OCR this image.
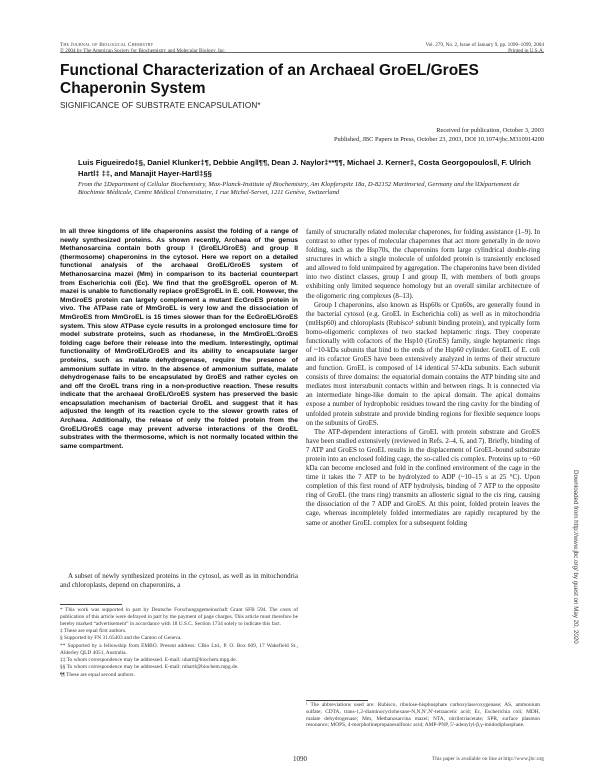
The Journal of Biological Chemistry
© 2004 by The American Society for Biochemistry and Molecular Biology, Inc.
Vol. 279, No. 2, Issue of January 9, pp. 1090–1099, 2004
Printed in U.S.A.
Functional Characterization of an Archaeal GroEL/GroES Chaperonin System
SIGNIFICANCE OF SUBSTRATE ENCAPSULATION*
Received for publication, October 3, 2003
Published, JBC Papers in Press, October 23, 2003, DOI 10.1074/jbc.M310914200
Luis Figueiredo‡§, Daniel Klunker‡¶, Debbie Ang‖¶¶, Dean J. Naylor‡**¶¶, Michael J. Kerner‡, Costa Georgopoulos‖, F. Ulrich Hartl‡ ‡‡, and Manajit Hayer-Hartl‡§§
From the ‡Department of Cellular Biochemistry, Max-Planck-Institute of Biochemistry, Am Klopferspitz 18a, D-82152 Martinsried, Germany and the ‖Département de Biochimie Médicale, Centre Médical Universitaire, 1 rue Michel-Servet, 1211 Genève, Switzerland
In all three kingdoms of life chaperonins assist the folding of a range of newly synthesized proteins. As shown recently, Archaea of the genus Methanosarcina contain both group I (GroEL/GroES) and group II (thermosome) chaperonins in the cytosol. Here we report on a detailed functional analysis of the archaeal GroEL/GroES system of Methanosarcina mazei (Mm) in comparison to its bacterial counterpart from Escherichia coli (Ec). We find that the groESgroEL operon of M. mazei is unable to functionally replace groESgroEL in E. coli. However, the MmGroES protein can largely complement a mutant EcGroES protein in vivo. The ATPase rate of MmGroEL is very low and the dissociation of MmGroES from MmGroEL is 15 times slower than for the EcGroEL/GroES system. This slow ATPase cycle results in a prolonged enclosure time for model substrate proteins, such as rhodanese, in the MmGroEL:GroES folding cage before their release into the medium. Interestingly, optimal functionality of MmGroEL/GroES and its ability to encapsulate larger proteins, such as malate dehydrogenase, require the presence of ammonium sulfate in vitro. In the absence of ammonium sulfate, malate dehydrogenase fails to be encapsulated by GroES and rather cycles on and off the GroEL trans ring in a non-productive reaction. These results indicate that the archaeal GroEL/GroES system has preserved the basic encapsulation mechanism of bacterial GroEL and suggest that it has adjusted the length of its reaction cycle to the slower growth rates of Archaea. Additionally, the release of only the folded protein from the GroEL/GroES cage may prevent adverse interactions of the GroEL substrates with the thermosome, which is not normally located within the same compartment.
A subset of newly synthesized proteins in the cytosol, as well as in mitochondria and chloroplasts, depend on chaperonins, a

* This work was supported in part by Deutsche Forschungsgemeinschaft Grant SFB 594. The costs of publication of this article were defrayed in part by the payment of page charges. This article must therefore be hereby marked “advertisement” in accordance with 18 U.S.C. Section 1734 solely to indicate this fact.

‡ These are equal first authors.

§ Supported by FN 31.65403 and the Canton of Geneva.

** Supported by a fellowship from EMBO. Present address: CBio Ltd., P. O. Box 609, 17 Wakefield St., Alderley QLD 4051, Australia.

‡‡ To whom correspondence may be addressed. E-mail: uhartl@biochem.mpg.de.

§§ To whom correspondence may be addressed. E-mail: mhartl@biochem.mpg.de.

¶¶ These are equal second authors.

family of structurally related molecular chaperones, for folding assistance (1–9). In contrast to other types of molecular chaperones that act more generally in de novo folding, such as the Hsp70s, the chaperonins form large cylindrical double-ring structures in which a single molecule of unfolded protein is transiently enclosed and allowed to fold unimpaired by aggregation. The chaperonins have been divided into two distinct classes, group I and group II, with members of both groups exhibiting only limited sequence homology but an overall similar architecture of the oligomeric ring complexes (8–13).

Group I chaperonins, also known as Hsp60s or Cpn60s, are generally found in the bacterial cytosol (e.g. GroEL in Escherichia coli) as well as in mitochondria (mtHsp60) and chloroplasts (Rubisco¹ subunit binding protein), and typically form homo-oligomeric complexes of two stacked heptameric rings. They cooperate functionally with cofactors of the Hsp10 (GroES) family, single heptameric rings of ~10-kDa subunits that bind to the ends of the Hsp60 cylinder. GroEL of E. coli and its cofactor GroES have been extensively analyzed in terms of their structure and function. GroEL is composed of 14 identical 57-kDa subunits. Each subunit consists of three domains: the equatorial domain contains the ATP binding site and mediates most intersubunit contacts within and between rings. It is connected via an intermediate hinge-like domain to the apical domain. The apical domains expose a number of hydrophobic residues toward the ring cavity for the binding of unfolded protein substrate and provide binding regions for flexible sequence loops on the subunits of GroES.

The ATP-dependent interactions of GroEL with protein substrate and GroES have been studied extensively (reviewed in Refs. 2–4, 6, and 7). Briefly, binding of 7 ATP and GroES to GroEL results in the displacement of GroEL-bound substrate protein into an enclosed folding cage, the so-called cis complex. Proteins up to ~60 kDa can become enclosed and fold in the confined environment of the cage in the time it takes the 7 ATP to be hydrolyzed to ADP (~10–15 s at 25 °C). Upon completion of this first round of ATP hydrolysis, binding of 7 ATP to the opposite ring of GroEL (the trans ring) transmits an allosteric signal to the cis ring, causing the dissociation of the 7 ADP and GroES. At this point, folded protein leaves the cage, whereas incompletely folded intermediates are rapidly recaptured by the same or another GroEL complex for a subsequent folding

¹ The abbreviations used are: Rubisco, ribulose-bisphosphate carboxylase/oxygenase; AS, ammonium sulfate; CDTA, trans-1,2-diaminocyclohexane-N,N,N′,N′-tetraacetic acid; Ec, Escherichia coli; MDH, malate dehydrogenase; Mm, Methanosarcina mazei; NTA, nitrilotriacetate; SPR, surface plasmon resonance; MOPS, 4-morpholinepropanesulfonic acid; AMP-PNP, 5′-adenylyl-β,γ-imidodiphosphate.
1090	This paper is available on line at http://www.jbc.org
Downloaded from http://www.jbc.org/ by guest on May 20, 2020
